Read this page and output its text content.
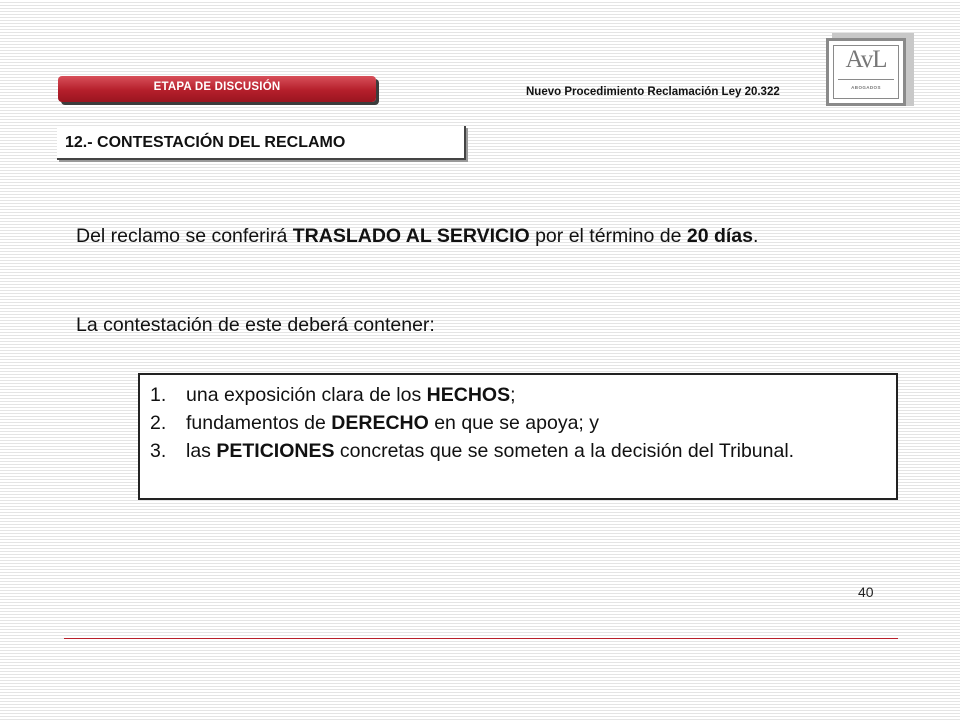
ETAPA DE DISCUSIÓN	Nuevo Procedimiento Reclamación Ley 20.322
AvL
ABOGADOS
12.- CONTESTACIÓN DEL RECLAMO

Del reclamo se conferirá TRASLADO AL SERVICIO por el término de 20 días.

La contestación de este deberá contener:

1.	una exposición clara de los HECHOS;
2.	fundamentos de DERECHO en que se apoya; y
3.	las PETICIONES concretas que se someten a la decisión del Tribunal.
40
